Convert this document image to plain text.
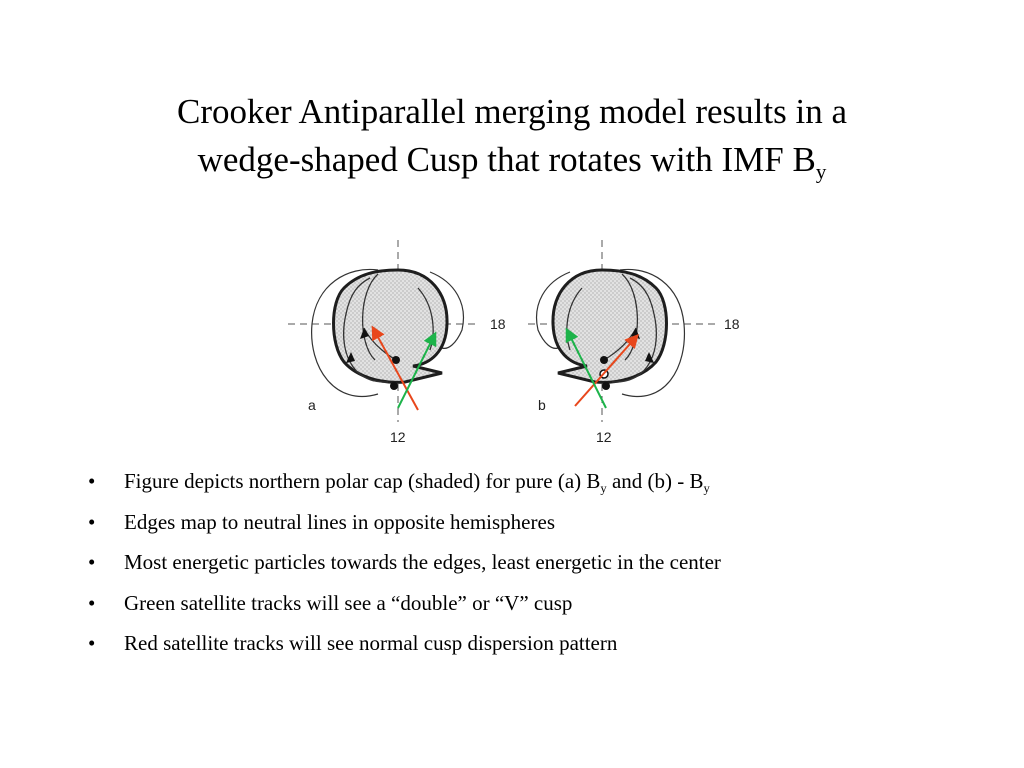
Crooker Antiparallel merging model results in a
wedge-shaped Cusp that rotates with IMF $B_y$
a
18
12
b
18
12
• Figure depicts northern polar cap (shaded) for pure (a) $B_y$ and $(b) - B_y$
• Edges map to neutral lines in opposite hemispheres
• Most energetic particles towards the edges, least energetic in the center
• Green satellite tracks will see a “double” or “V” cusp
• Red satellite tracks will see normal cusp dispersion pattern
